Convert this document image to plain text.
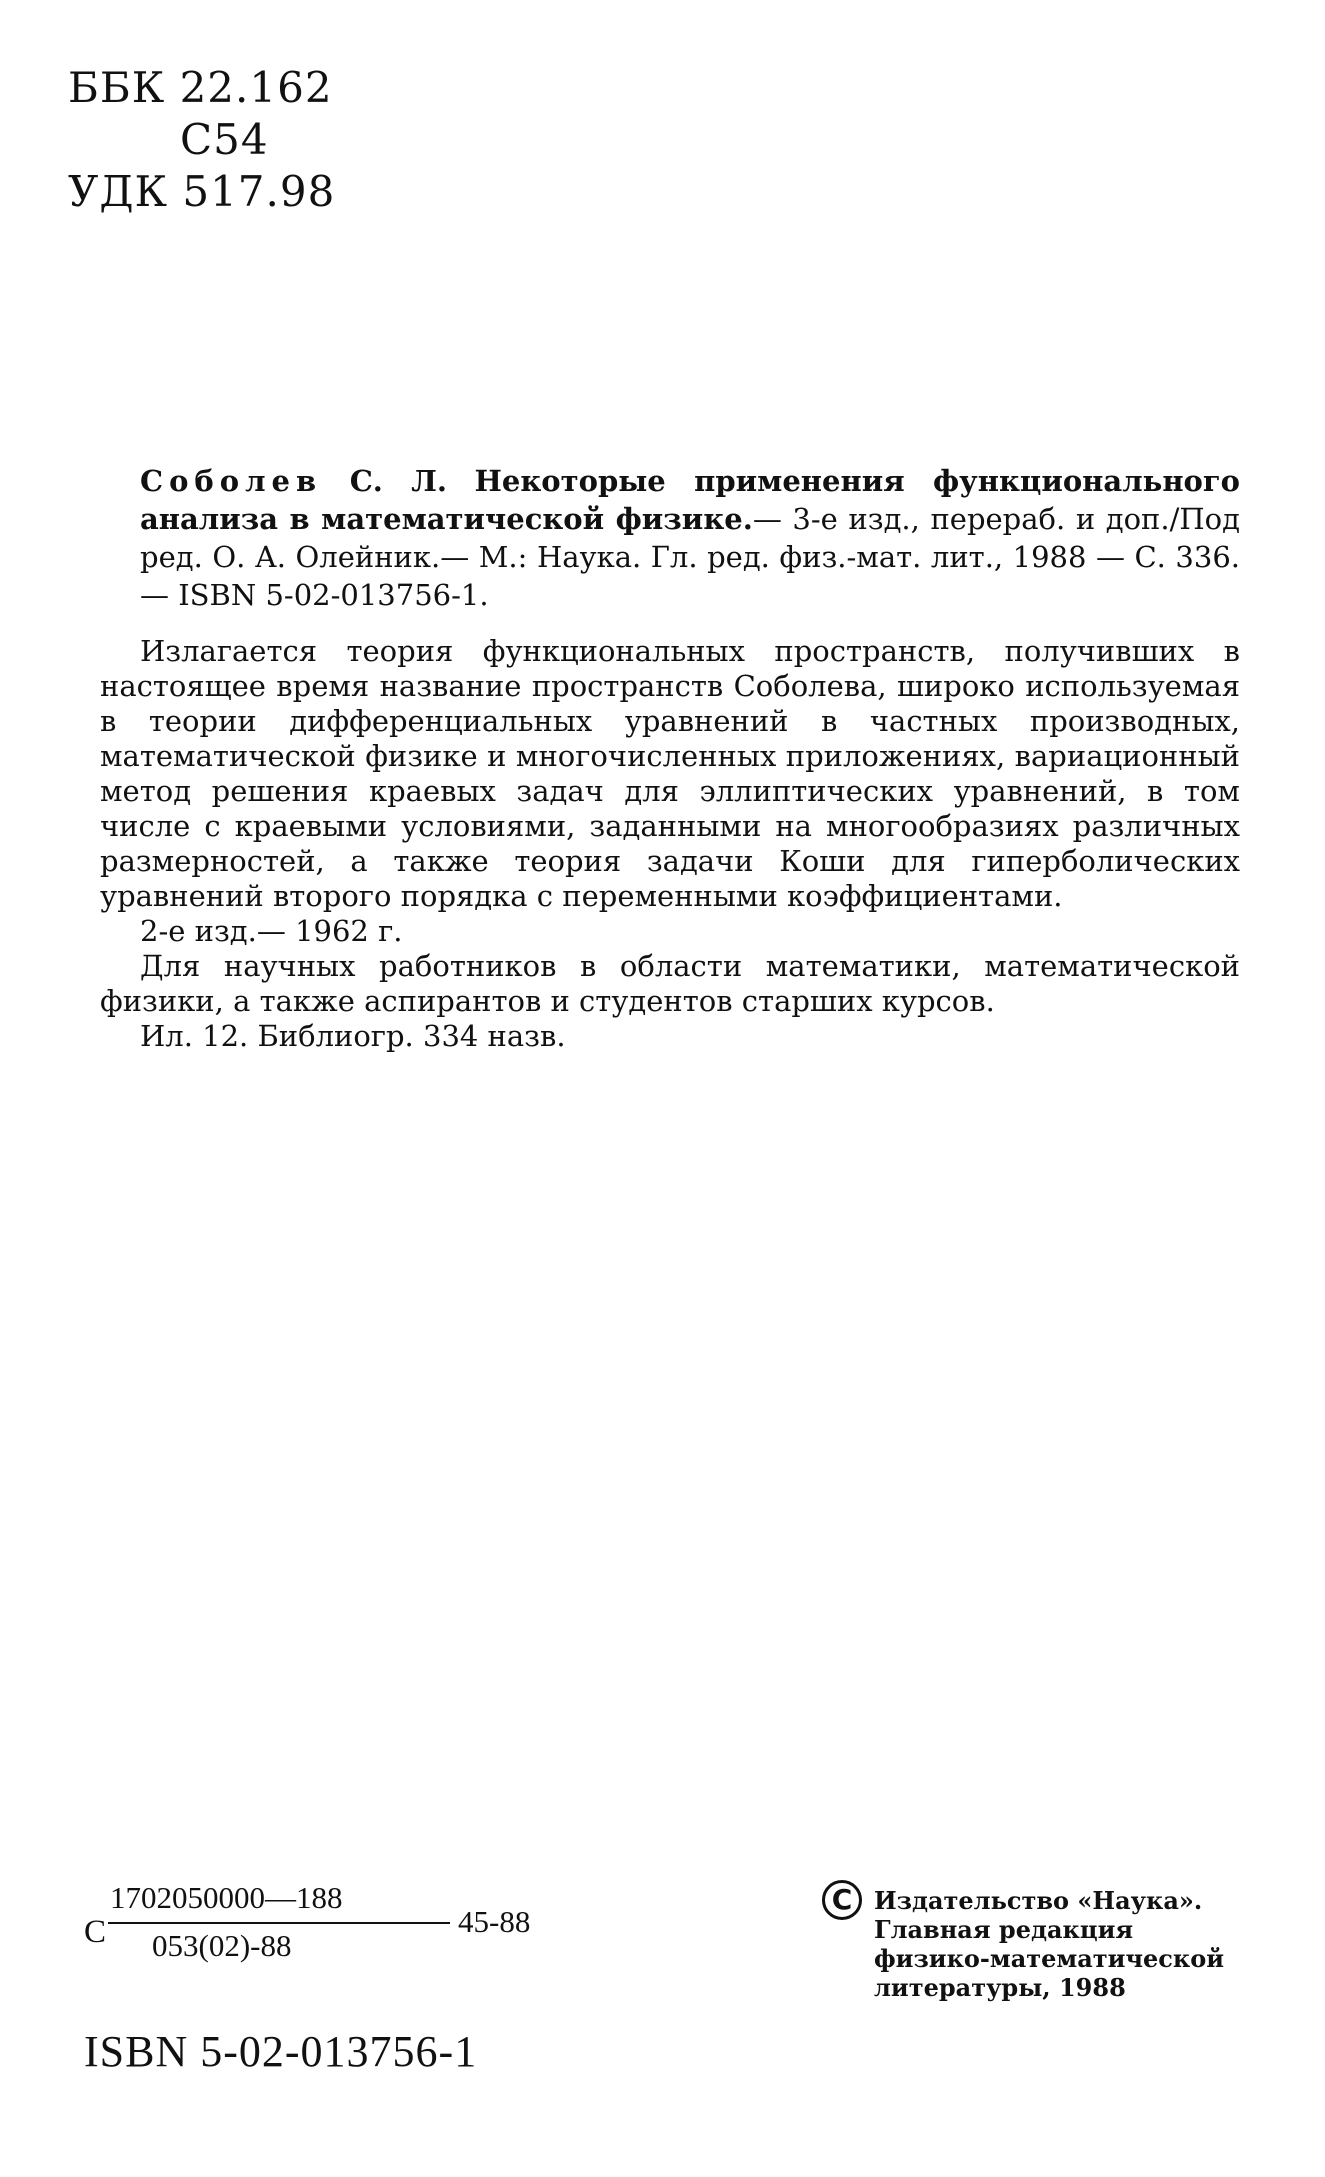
ББК 22.162
С54
УДК 517.98
Соболев С. Л. Некоторые применения функционального анализа в математической физике.— 3-е изд., перераб. и доп./Под ред. О. А. Олейник.— М.: Наука. Гл. ред. физ.-мат. лит., 1988 — С. 336.— ISBN 5-02-013756-1.

Излагается теория функциональных пространств, получивших в настоящее время название пространств Соболева, широко используемая в теории дифференциальных уравнений в частных производных, математической физике и многочисленных приложениях, вариационный метод решения краевых задач для эллиптических уравнений, в том числе с краевыми условиями, заданными на многообразиях различных размерностей, а также теория задачи Коши для гиперболических уравнений второго порядка с переменными коэффициентами.

2-е изд.— 1962 г.

Для научных работников в области математики, математической физики, а также аспирантов и студентов старших курсов.

Ил. 12. Библиогр. 334 назв.

С
1702050000—188
053(02)-88
45-88
C Издательство «Наука».
Главная редакция
физико-математической
литературы, 1988
ISBN 5-02-013756-1
